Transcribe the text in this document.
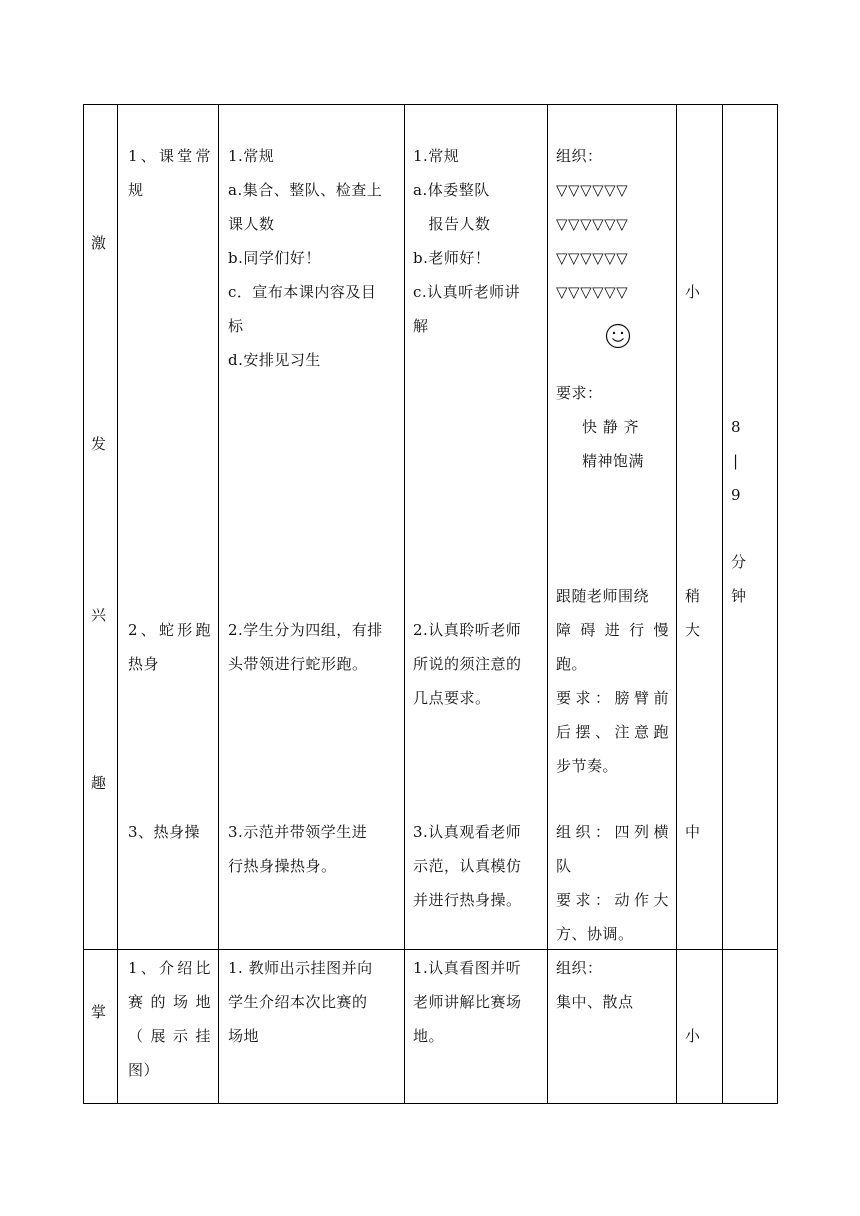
激
发
兴
趣
掌
1、课堂常
规
1.常规
a.集合、整队、检查上
课人数
b.同学们好！
c．宣布本课内容及目
标
d.安排见习生
1.常规
a.体委整队
　报告人数
b.老师好！
c.认真听老师讲
解
组织：
▽▽▽▽▽▽
▽▽▽▽▽▽
▽▽▽▽▽▽
▽▽▽▽▽▽
要求：
快 静 齐
精神饱满
小
8
|
9
分
钟
2、蛇形跑
热身
2.学生分为四组，有排
头带领进行蛇形跑。
2.认真聆听老师
所说的须注意的
几点要求。
跟随老师围绕
障碍进行慢
跑。
要求：膀臂前
后摆、注意跑
步节奏。
稍
大
3、热身操 3.示范并带领学生进
行热身操热身。
3.认真观看老师
示范，认真模仿
并进行热身操。
组织：四列横
队
要求：动作大
方、协调。
中
1、介绍比
赛的场地
（展示挂
图）
1. 教师出示挂图并向
学生介绍本次比赛的
场地
1.认真看图并听
老师讲解比赛场
地。
组织：
集中、散点
小
